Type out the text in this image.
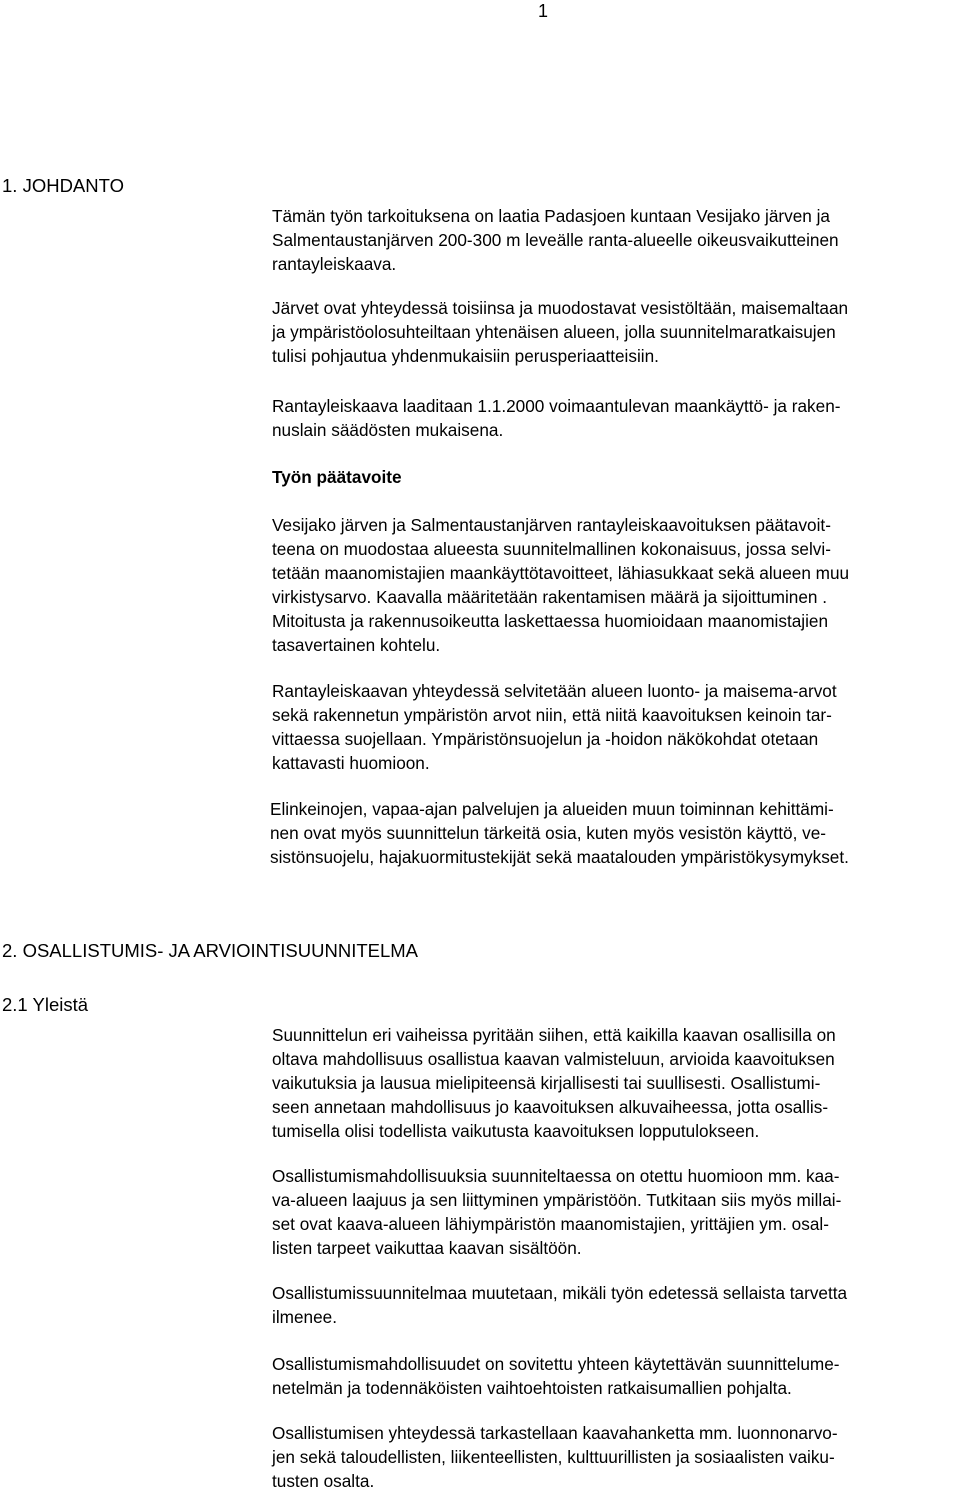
1
1. JOHDANTO
Tämän työn tarkoituksena on laatia Padasjoen kuntaan Vesijako järven ja
Salmentaustanjärven 200-300 m leveälle ranta-alueelle oikeusvaikutteinen
rantayleiskaava.
Järvet ovat yhteydessä toisiinsa ja muodostavat vesistöltään, maisemaltaan
ja ympäristöolosuhteiltaan yhtenäisen alueen, jolla suunnitelmaratkaisujen
tulisi pohjautua yhdenmukaisiin perusperiaatteisiin.
Rantayleiskaava laaditaan 1.1.2000 voimaantulevan maankäyttö- ja raken-
nuslain säädösten mukaisena.
Työn päätavoite
Vesijako järven ja Salmentaustanjärven rantayleiskaavoituksen päätavoit-
teena on muodostaa alueesta suunnitelmallinen kokonaisuus, jossa selvi-
tetään maanomistajien maankäyttötavoitteet, lähiasukkaat sekä alueen muu
virkistysarvo. Kaavalla määritetään rakentamisen määrä ja sijoittuminen .
Mitoitusta ja rakennusoikeutta laskettaessa huomioidaan maanomistajien
tasavertainen kohtelu.
Rantayleiskaavan yhteydessä selvitetään alueen luonto- ja maisema-arvot
sekä rakennetun ympäristön arvot niin, että niitä kaavoituksen keinoin tar-
vittaessa suojellaan. Ympäristönsuojelun ja -hoidon näkökohdat otetaan
kattavasti huomioon.
Elinkeinojen, vapaa-ajan palvelujen ja alueiden muun toiminnan kehittämi-
nen ovat myös suunnittelun tärkeitä osia, kuten myös vesistön käyttö, ve-
sistönsuojelu, hajakuormitustekijät sekä maatalouden ympäristökysymykset.
2. OSALLISTUMIS- JA ARVIOINTISUUNNITELMA
2.1 Yleistä
Suunnittelun eri vaiheissa pyritään siihen, että kaikilla kaavan osallisilla on
oltava mahdollisuus osallistua kaavan valmisteluun, arvioida kaavoituksen
vaikutuksia ja lausua mielipiteensä kirjallisesti tai suullisesti. Osallistumi-
seen annetaan mahdollisuus jo kaavoituksen alkuvaiheessa, jotta osallis-
tumisella olisi todellista vaikutusta kaavoituksen lopputulokseen.
Osallistumismahdollisuuksia suunniteltaessa on otettu huomioon mm. kaa-
va-alueen laajuus ja sen liittyminen ympäristöön. Tutkitaan siis myös millai-
set ovat kaava-alueen lähiympäristön maanomistajien, yrittäjien ym. osal-
listen tarpeet vaikuttaa kaavan sisältöön.
Osallistumissuunnitelmaa muutetaan, mikäli työn edetessä sellaista tarvetta
ilmenee.
Osallistumismahdollisuudet on sovitettu yhteen käytettävän suunnittelume-
netelmän ja todennäköisten vaihtoehtoisten ratkaisumallien pohjalta.
Osallistumisen yhteydessä tarkastellaan kaavahanketta mm. luonnonarvo-
jen sekä taloudellisten, liikenteellisten, kulttuurillisten ja sosiaalisten vaiku-
tusten osalta.
